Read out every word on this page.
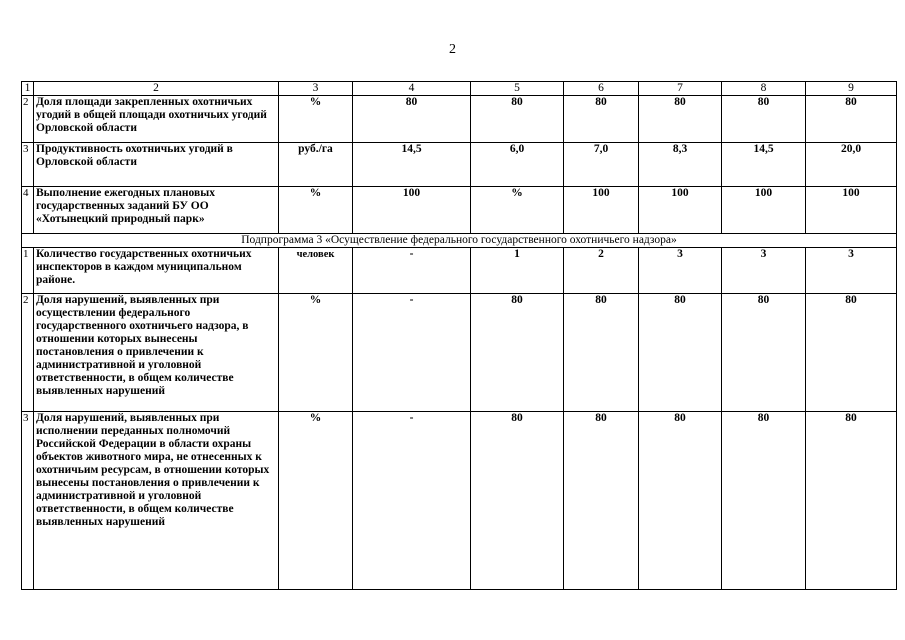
2
1	2	3	4	5	6	7	8	9
2	Доля площади закрепленных охотничьих угодий в общей площади охотничьих угодий Орловской области	%	80	80	80	80	80	80
3	Продуктивность охотничьих угодий в Орловской области	руб./га	14,5	6,0	7,0	8,3	14,5	20,0
4	Выполнение ежегодных плановых государственных заданий БУ ОО «Хотынецкий природный парк»	%	100	%	100	100	100	100
Подпрограмма 3 «Осуществление федерального государственного охотничьего надзора»								
1	Количество государственных охотничьих инспекторов в каждом муниципальном районе.	человек	-	1	2	3	3	3
2	Доля нарушений, выявленных при осуществлении федерального государственного охотничьего надзора, в отношении которых вынесены постановления о привлечении к административной и уголовной ответственности, в общем количестве выявленных нарушений	%	-	80	80	80	80	80
3	Доля нарушений, выявленных при исполнении переданных полномочий Российской Федерации в области охраны объектов животного мира, не отнесенных к охотничьим ресурсам, в отношении которых вынесены постановления о привлечении к административной и уголовной ответственности, в общем количестве выявленных нарушений	%	-	80	80	80	80	80
